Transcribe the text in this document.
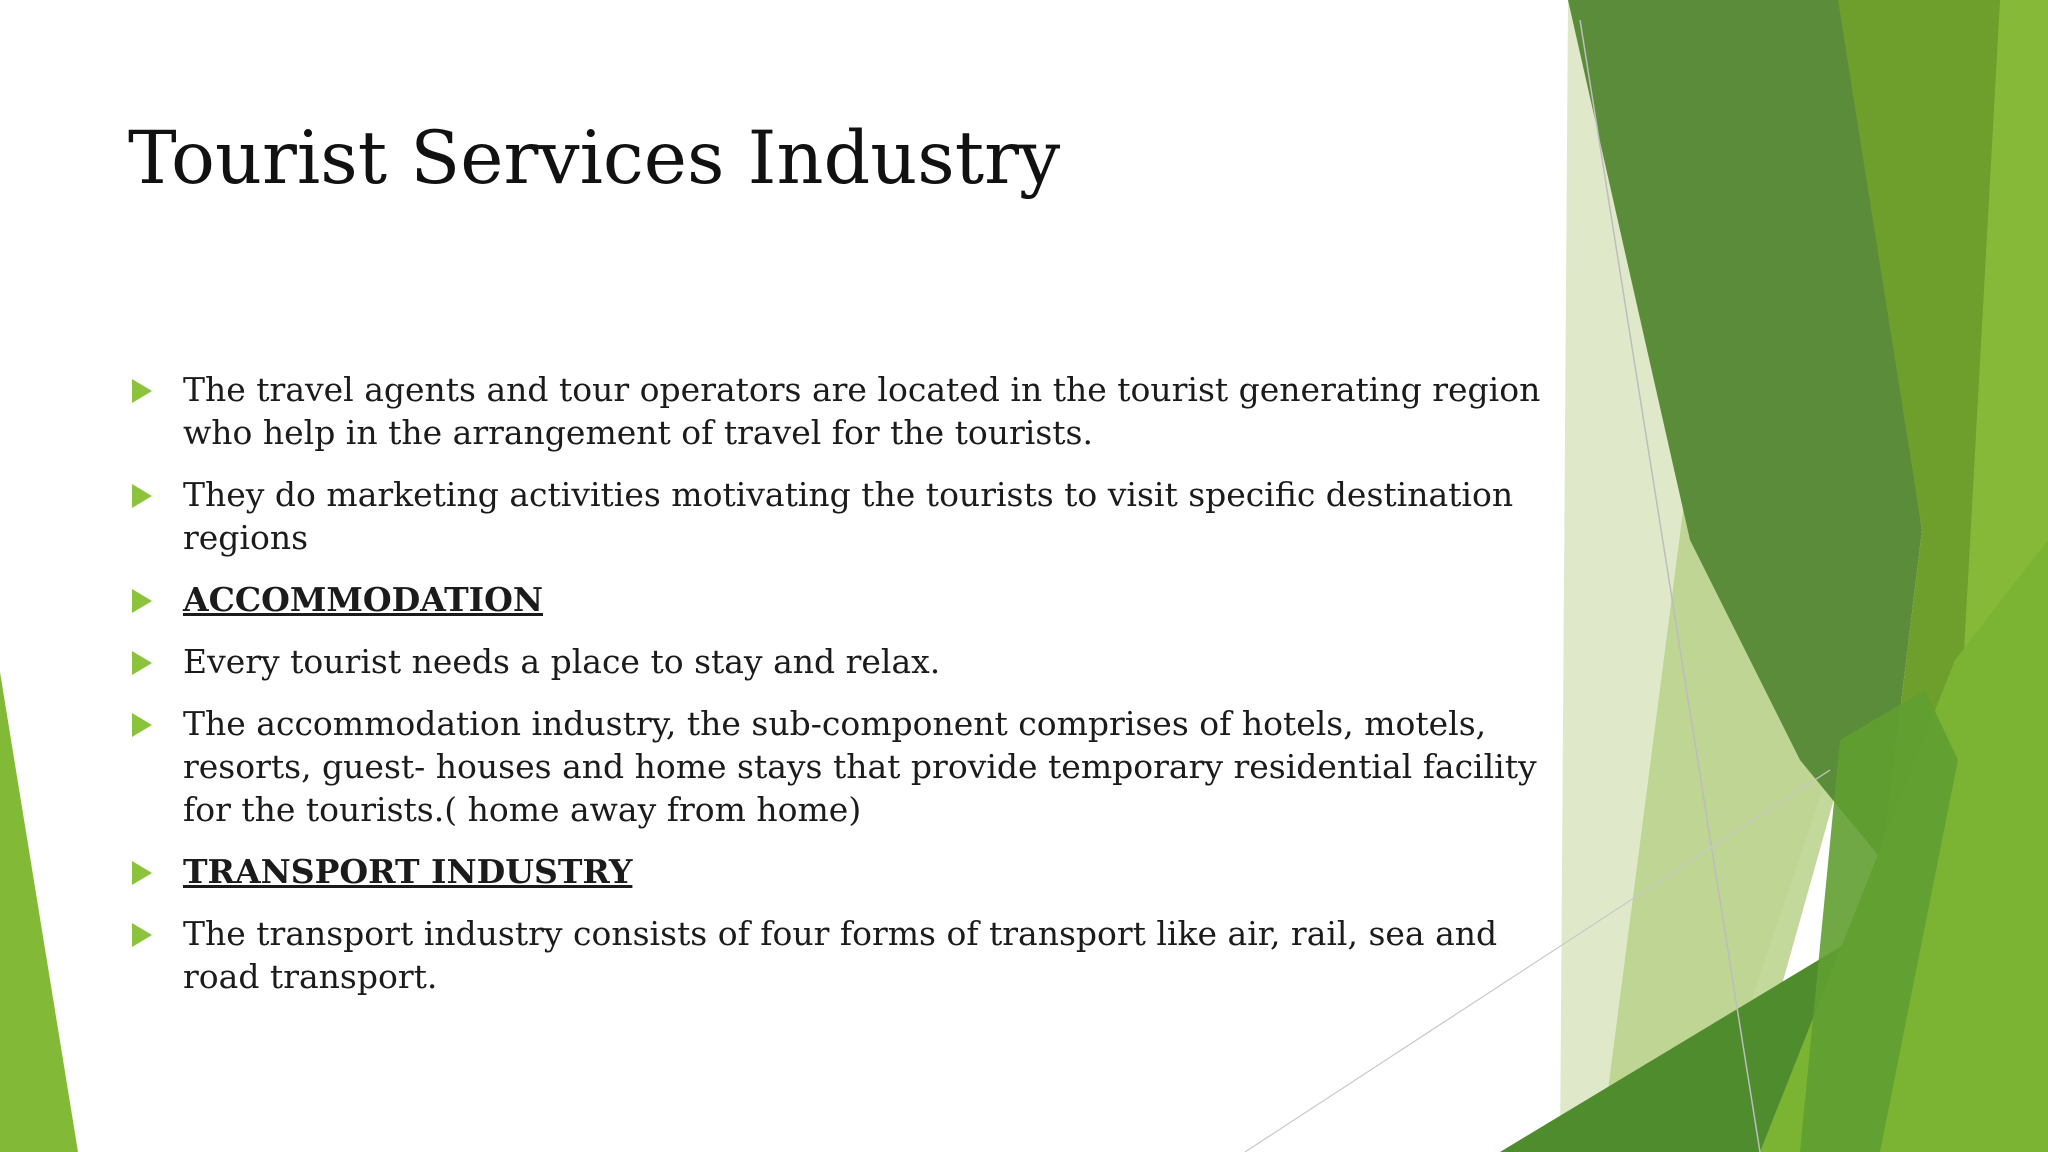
Tourist Services Industry
The travel agents and tour operators are located in the tourist generating region who help in the arrangement of travel for the tourists.
They do marketing activities motivating the tourists to visit specific destination regions
ACCOMMODATION
Every tourist needs a place to stay and relax.
The accommodation industry, the sub-component comprises of hotels, motels, resorts, guest- houses and home stays that provide temporary residential facility for the tourists.( home away from home)
TRANSPORT INDUSTRY
The transport industry consists of four forms of transport like air, rail, sea and road transport.
